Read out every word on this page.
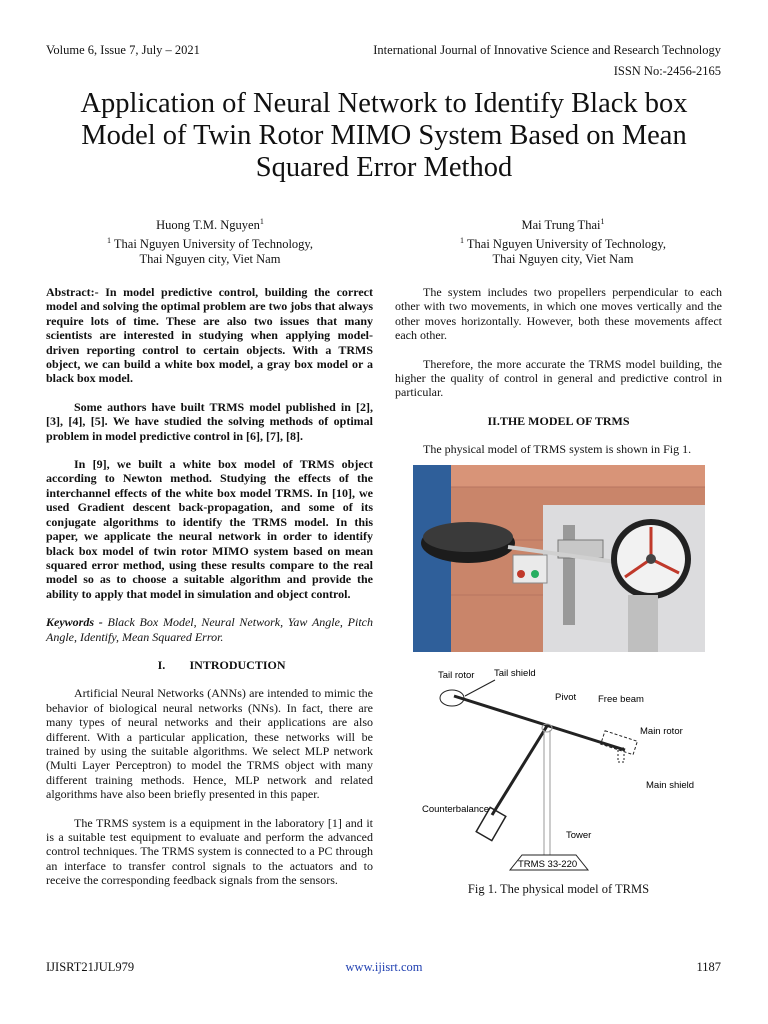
Volume 6, Issue 7, July – 2021	International Journal of Innovative Science and Research Technology
ISSN No:-2456-2165
Application of Neural Network to Identify Black box Model of Twin Rotor MIMO System Based on Mean Squared Error Method
Huong T.M. Nguyen$^1$
$^1$ Thai Nguyen University of Technology,
Thai Nguyen city, Viet Nam
Mai Trung Thai$^1$
$^1$ Thai Nguyen University of Technology,
Thai Nguyen city, Viet Nam

Abstract:- In model predictive control, building the correct model and solving the optimal problem are two jobs that always require lots of time. These are also two issues that many scientists are interested in studying when applying model-driven reporting control to certain objects. With a TRMS object, we can build a white box model, a gray box model or a black box model.

Some authors have built TRMS model published in [2], [3], [4], [5]. We have studied the solving methods of optimal problem in model predictive control in [6], [7], [8].

In [9], we built a white box model of TRMS object according to Newton method. Studying the effects of the interchannel effects of the white box model TRMS. In [10], we used Gradient descent back-propagation, and some of its conjugate algorithms to identify the TRMS model. In this paper, we applicate the neural network in order to identify black box model of twin rotor MIMO system based on mean squared error method, using these results compare to the real model so as to choose a suitable algorithm and provide the ability to apply that model in simulation and object control.

Keywords - Black Box Model, Neural Network, Yaw Angle, Pitch Angle, Identify, Mean Squared Error.

I. INTRODUCTION

Artificial Neural Networks (ANNs) are intended to mimic the behavior of biological neural networks (NNs). In fact, there are many types of neural networks and their applications are also different. With a particular application, these networks will be trained by using the suitable algorithms. We select MLP network (Multi Layer Perceptron) to model the TRMS object with many different training methods. Hence, MLP network and related algorithms have also been briefly presented in this paper.

The TRMS system is a equipment in the laboratory [1] and it is a suitable test equipment to evaluate and perform the advanced control techniques. The TRMS system is connected to a PC through an interface to transfer control signals to the actuators and to receive the corresponding feedback signals from the sensors.

The system includes two propellers perpendicular to each other with two movements, in which one moves vertically and the other moves horizontally. However, both these movements affect each other.

Therefore, the more accurate the TRMS model building, the higher the quality of control in general and predictive control in particular.

II.THE MODEL OF TRMS

The physical model of TRMS system is shown in Fig 1.

Tail rotor Tail shield
Pivot Free beam
Main rotor
Main shield
Counterbalance
Tower
TRMS 33-220
Fig 1. The physical model of TRMS
IJISRT21JUL979	www.ijisrt.com	1187
